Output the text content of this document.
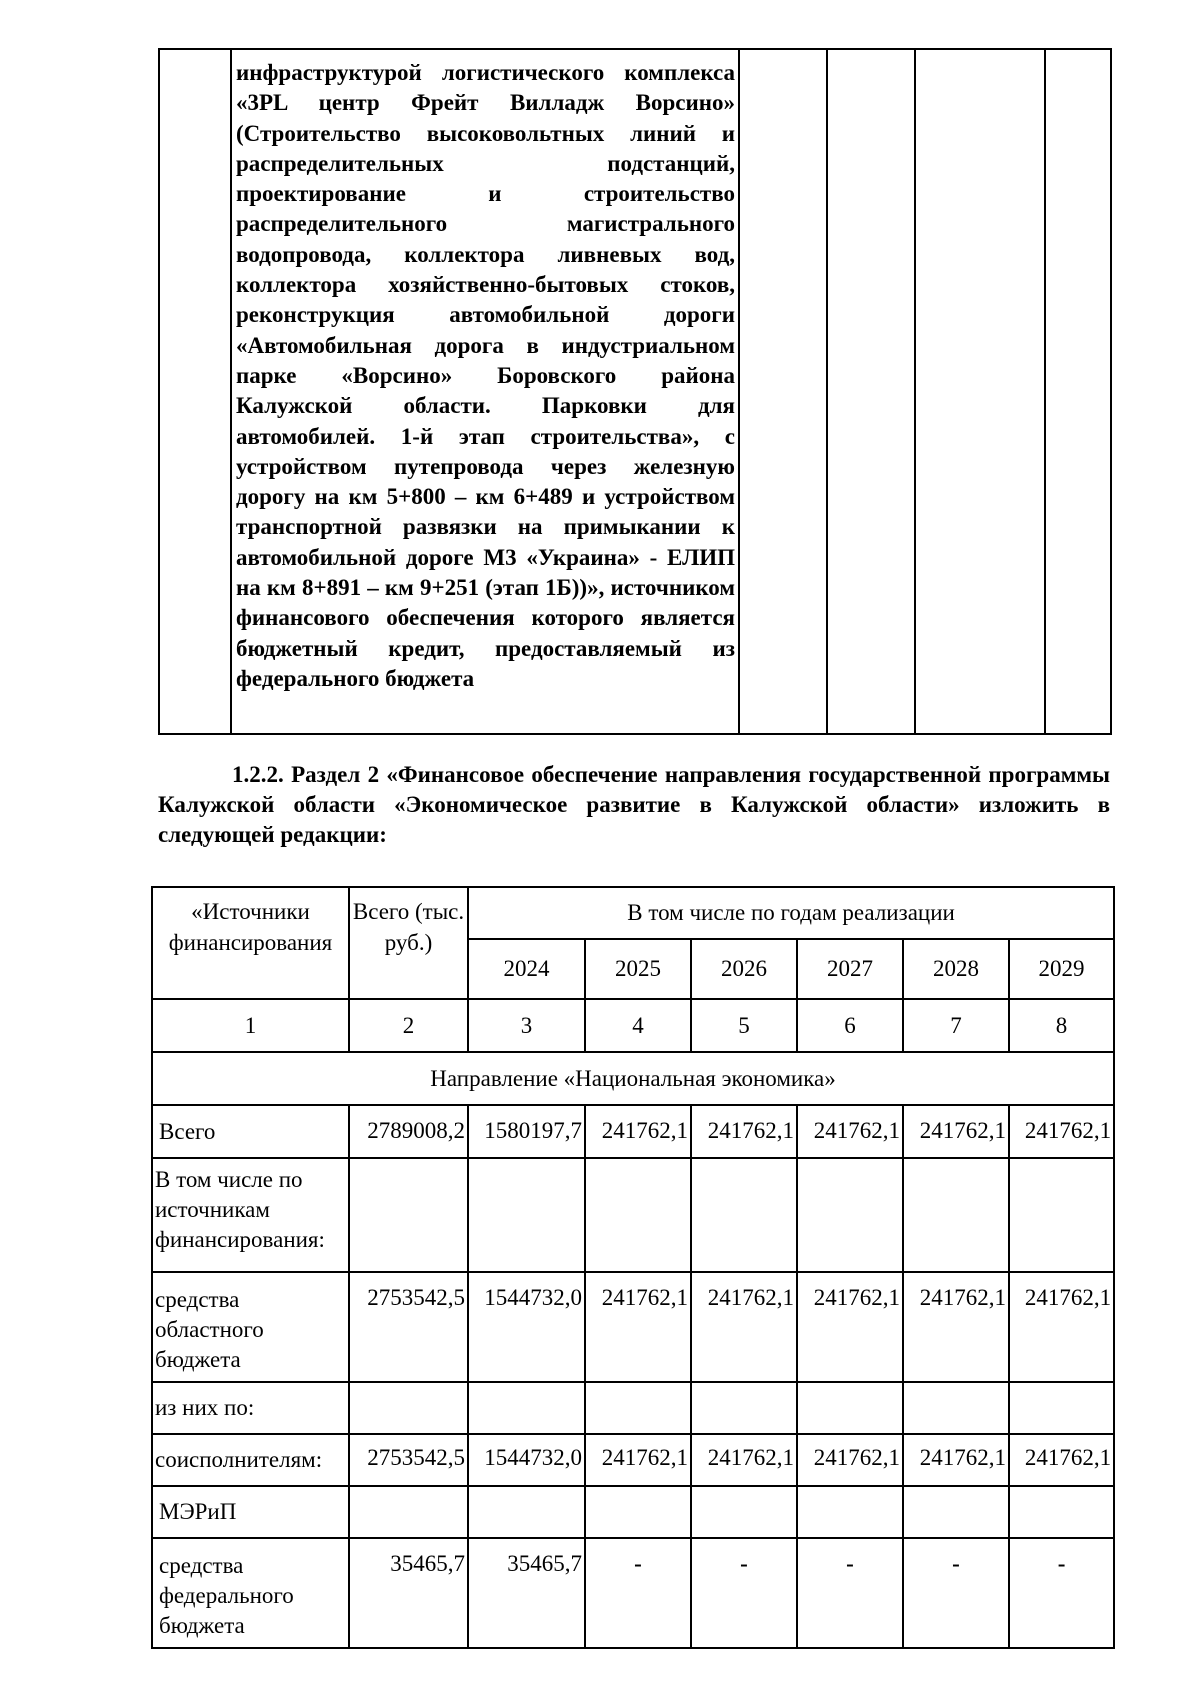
инфраструктурой логистического комплекса «3PL центр Фрейт Вилладж Ворсино» (Строительство высоковольтных линий и распределительных подстанций, проектирование и строительство распределительного магистрального водопровода, коллектора ливневых вод, коллектора хозяйственно-бытовых стоков, реконструкция автомобильной дороги «Автомобильная дорога в индустриальном парке «Ворсино» Боровского района Калужской области. Парковки для автомобилей. 1-й этап строительства», с устройством путепровода через железную дорогу на км 5+800 – км 6+489 и устройством транспортной развязки на примыкании к автомобильной дороге М3 «Украина» - ЕЛИП на км 8+891 – км 9+251 (этап 1Б))», источником финансового обеспечения которого является бюджетный кредит, предоставляемый из федерального бюджета

1.2.2. Раздел 2 «Финансовое обеспечение направления государственной программы Калужской области «Экономическое развитие в Калужской области» изложить в следующей редакции:
«Источники финансирования	Всего (тыс. руб.)	В том числе по годам реализации					
		2024	2025	2026	2027	2028	2029
1	2	3	4	5	6	7	8
Направление «Национальная экономика»							
Всего	2789008,2	1580197,7	241762,1	241762,1	241762,1	241762,1	241762,1
В том числе по источникам финансирования:							
средства областного бюджета	2753542,5	1544732,0	241762,1	241762,1	241762,1	241762,1	241762,1
из них по:							
соисполнителям:	2753542,5	1544732,0	241762,1	241762,1	241762,1	241762,1	241762,1
МЭРиП							
средства федерального бюджета	35465,7	35465,7	-	-	-	-	-
